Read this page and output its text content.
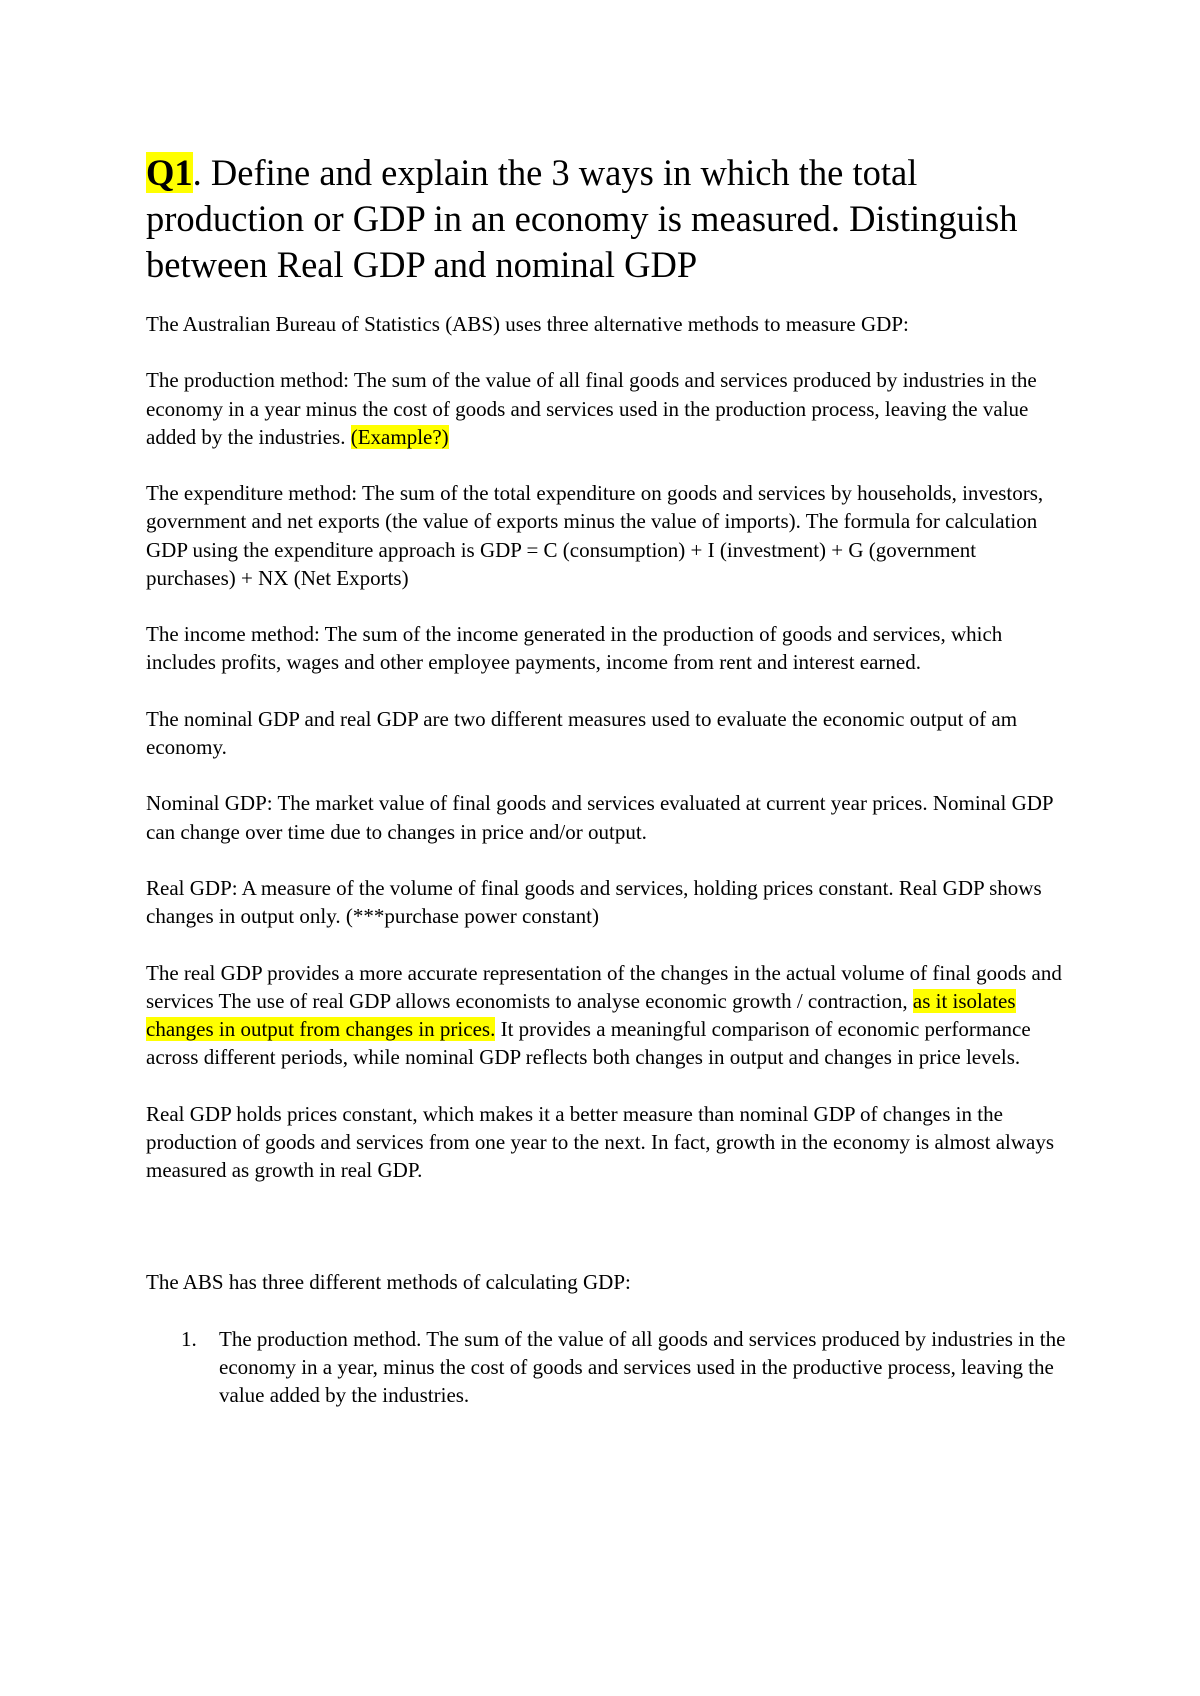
Q1. Define and explain the 3 ways in which the total production or GDP in an economy is measured. Distinguish between Real GDP and nominal GDP

The Australian Bureau of Statistics (ABS) uses three alternative methods to measure GDP:

The production method: The sum of the value of all final goods and services produced by industries in the economy in a year minus the cost of goods and services used in the production process, leaving the value added by the industries. (Example?)

The expenditure method: The sum of the total expenditure on goods and services by households, investors, government and net exports (the value of exports minus the value of imports). The formula for calculation GDP using the expenditure approach is GDP = C (consumption) + I (investment) + G (government purchases) + NX (Net Exports)

The income method: The sum of the income generated in the production of goods and services, which includes profits, wages and other employee payments, income from rent and interest earned.

The nominal GDP and real GDP are two different measures used to evaluate the economic output of am economy.

Nominal GDP: The market value of final goods and services evaluated at current year prices. Nominal GDP can change over time due to changes in price and/or output.

Real GDP: A measure of the volume of final goods and services, holding prices constant. Real GDP shows changes in output only. (***purchase power constant)

The real GDP provides a more accurate representation of the changes in the actual volume of final goods and services The use of real GDP allows economists to analyse economic growth / contraction, as it isolates changes in output from changes in prices. It provides a meaningful comparison of economic performance across different periods, while nominal GDP reflects both changes in output and changes in price levels.

Real GDP holds prices constant, which makes it a better measure than nominal GDP of changes in the production of goods and services from one year to the next. In fact, growth in the economy is almost always measured as growth in real GDP.

The ABS has three different methods of calculating GDP:

1. The production method. The sum of the value of all goods and services produced by industries in the economy in a year, minus the cost of goods and services used in the productive process, leaving the value added by the industries.
